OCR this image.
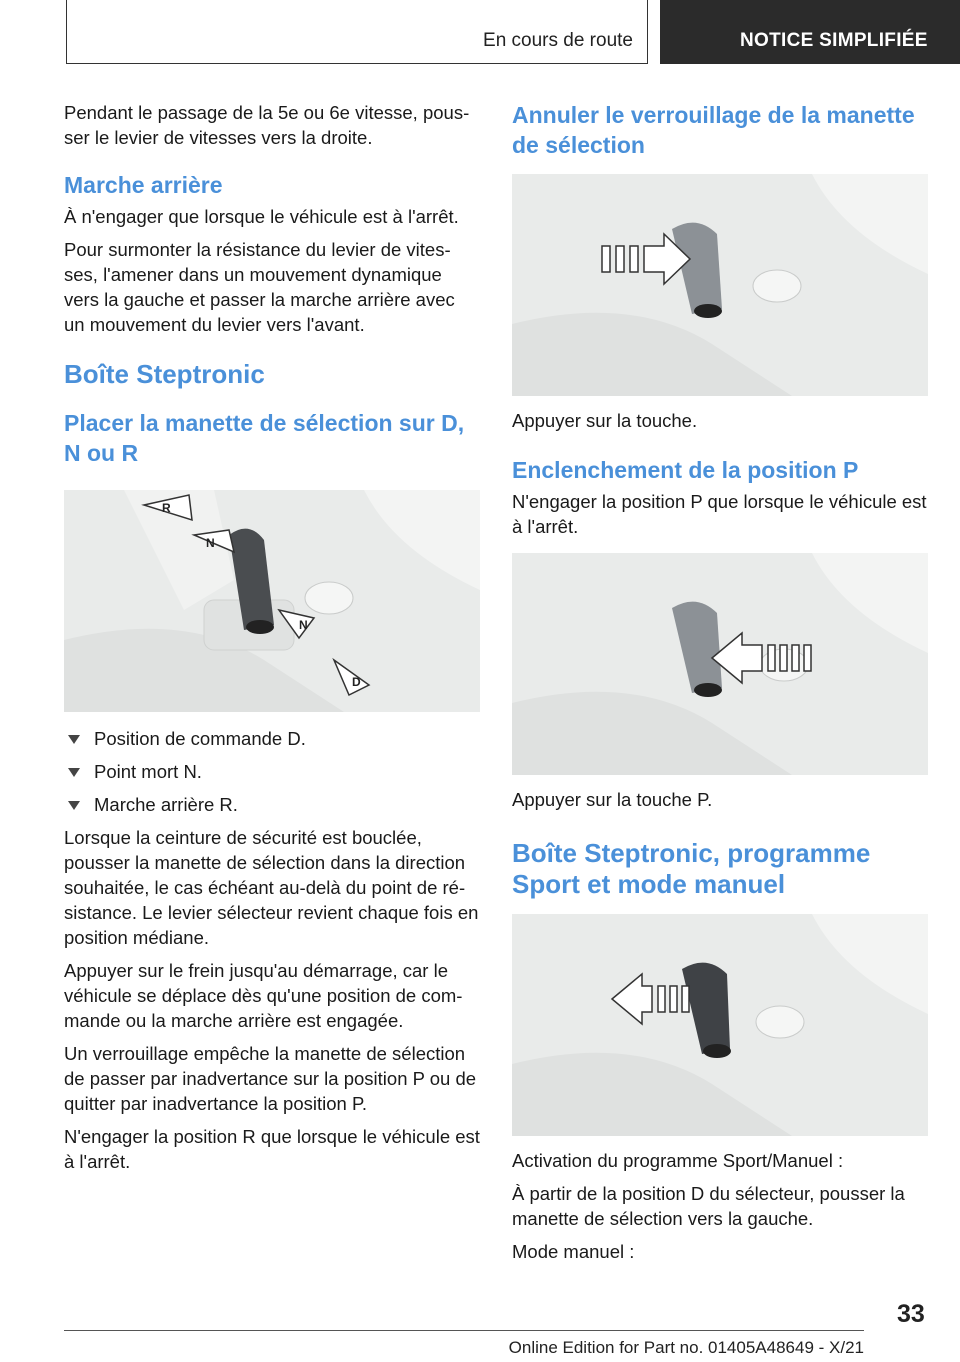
En cours de route	NOTICE SIMPLIFIÉE

Pendant le passage de la 5e ou 6e vitesse, pous-ser le levier de vitesses vers la droite.

Marche arrière

À n'engager que lorsque le véhicule est à l'arrêt.

Pour surmonter la résistance du levier de vites-ses, l'amener dans un mouvement dynamique vers la gauche et passer la marche arrière avec un mouvement du levier vers l'avant.

Boîte Steptronic
Placer la manette de sélection sur D, N ou R
R
N
N
D
Position de commande D.
Point mort N.
Marche arrière R.

Lorsque la ceinture de sécurité est bouclée, pousser la manette de sélection dans la direction souhaitée, le cas échéant au-delà du point de ré-sistance. Le levier sélecteur revient chaque fois en position médiane.

Appuyer sur le frein jusqu'au démarrage, car le véhicule se déplace dès qu'une position de com-mande ou la marche arrière est engagée.

Un verrouillage empêche la manette de sélection de passer par inadvertance sur la position P ou de quitter par inadvertance la position P.

N'engager la position R que lorsque le véhicule est à l'arrêt.

Annuler le verrouillage de la manette de sélection

Appuyer sur la touche.

Enclenchement de la position P

N'engager la position P que lorsque le véhicule est à l'arrêt.

Appuyer sur la touche P.

Boîte Steptronic, programme Sport et mode manuel

Activation du programme Sport/Manuel :

À partir de la position D du sélecteur, pousser la manette de sélection vers la gauche.

Mode manuel :

33
Online Edition for Part no. 01405A48649 - X/21
